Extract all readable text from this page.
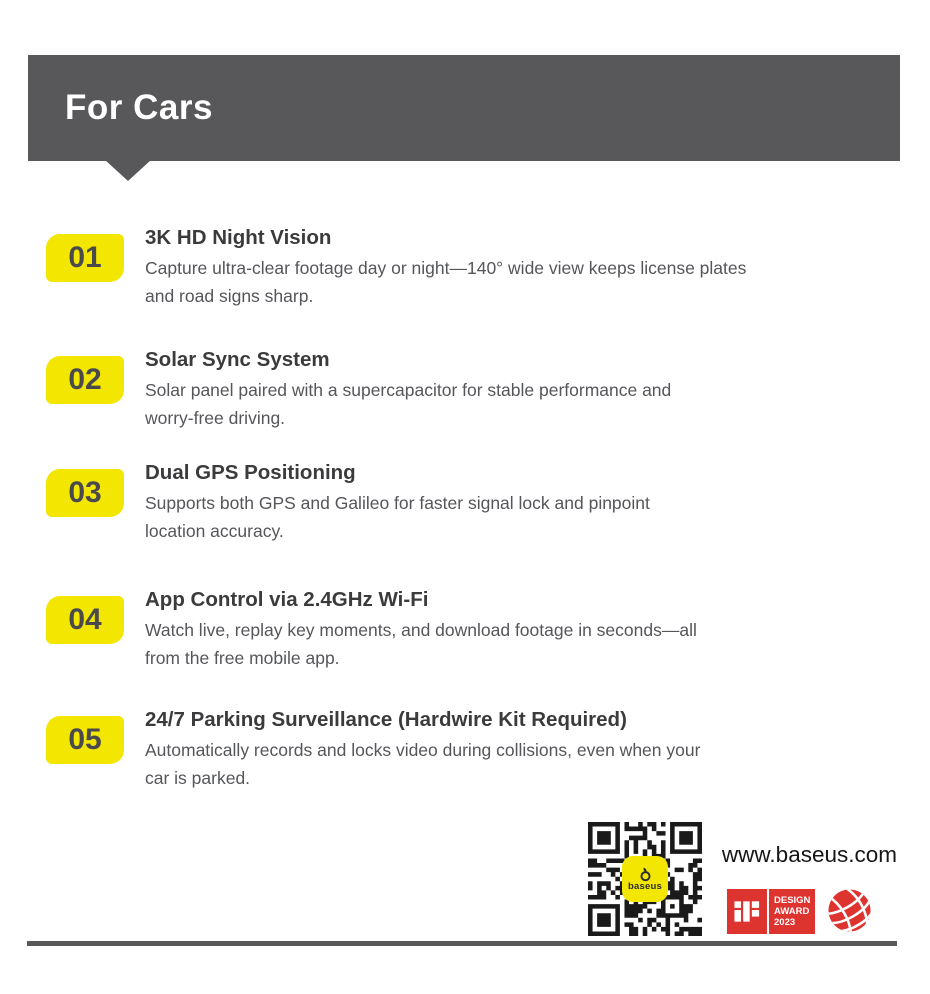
For Cars
01
3K HD Night Vision

Capture ultra-clear footage day or night—140° wide view keeps license plates

and road signs sharp.

02
Solar Sync System

Solar panel paired with a supercapacitor for stable performance and

worry-free driving.

03
Dual GPS Positioning

Supports both GPS and Galileo for faster signal lock and pinpoint

location accuracy.

04
App Control via 2.4GHz Wi-Fi

Watch live, replay key moments, and download footage in seconds—all

from the free mobile app.

05
24/7 Parking Surveillance (Hardwire Kit Required)

Automatically records and locks video during collisions, even when your

car is parked.

baseus
www.baseus.com
DESIGN
AWARD
2023
